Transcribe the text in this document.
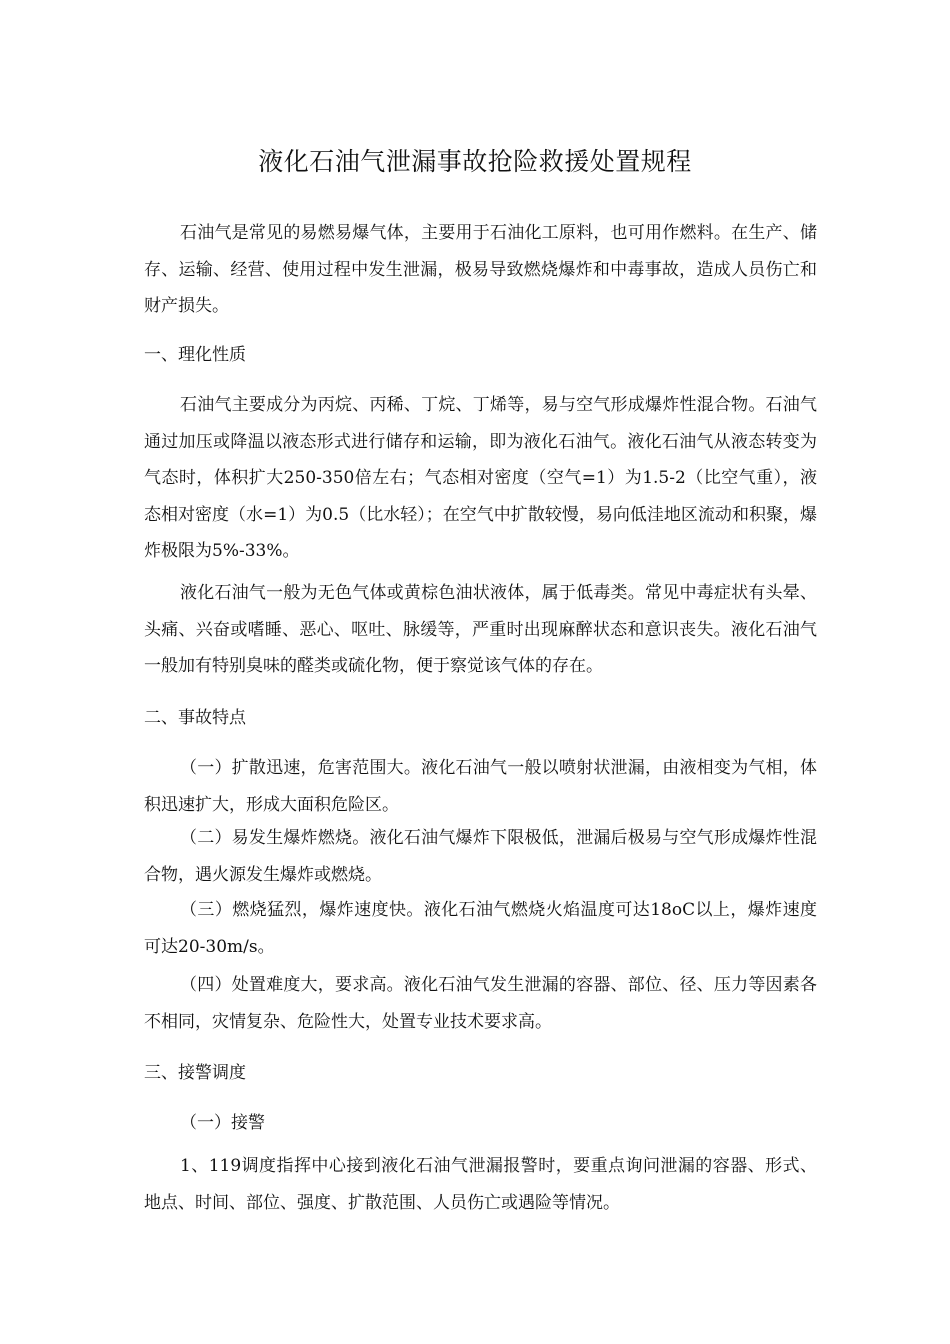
液化石油气泄漏事故抢险救援处置规程

石油气是常见的易燃易爆气体，主要用于石油化工原料，也可用作燃料。在生产、储存、运输、经营、使用过程中发生泄漏，极易导致燃烧爆炸和中毒事故，造成人员伤亡和财产损失。

一、理化性质

石油气主要成分为丙烷、丙稀、丁烷、丁烯等，易与空气形成爆炸性混合物。石油气通过加压或降温以液态形式进行储存和运输，即为液化石油气。液化石油气从液态转变为气态时，体积扩大250-350倍左右；气态相对密度（空气=1）为1.5-2（比空气重），液态相对密度（水=1）为0.5（比水轻）；在空气中扩散较慢，易向低洼地区流动和积聚，爆炸极限为5%-33%。

液化石油气一般为无色气体或黄棕色油状液体，属于低毒类。常见中毒症状有头晕、头痛、兴奋或嗜睡、恶心、呕吐、脉缓等，严重时出现麻醉状态和意识丧失。液化石油气一般加有特别臭味的醛类或硫化物，便于察觉该气体的存在。

二、事故特点

（一）扩散迅速，危害范围大。液化石油气一般以喷射状泄漏，由液相变为气相，体积迅速扩大，形成大面积危险区。

（二）易发生爆炸燃烧。液化石油气爆炸下限极低，泄漏后极易与空气形成爆炸性混合物，遇火源发生爆炸或燃烧。

（三）燃烧猛烈，爆炸速度快。液化石油气燃烧火焰温度可达18oC以上，爆炸速度可达20-30m/s。

（四）处置难度大，要求高。液化石油气发生泄漏的容器、部位、径、压力等因素各不相同，灾情复杂、危险性大，处置专业技术要求高。

三、接警调度

（一）接警

1、119调度指挥中心接到液化石油气泄漏报警时，要重点询问泄漏的容器、形式、地点、时间、部位、强度、扩散范围、人员伤亡或遇险等情况。
